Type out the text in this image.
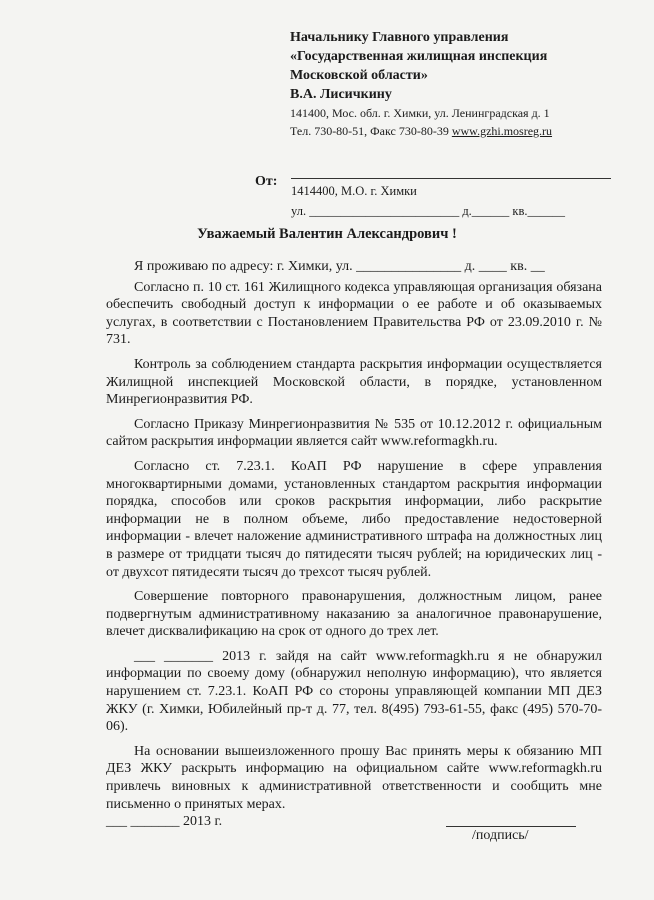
Начальнику Главного управления
«Государственная жилищная инспекция
Московской области»
В.А. Лисичкину
141400, Мос. обл. г. Химки, ул. Ленинградская д. 1
Тел. 730-80-51, Факс 730-80-39 www.gzhi.mosreg.ru
От:
1414400, М.О. г. Химки
ул. ________________________ д.______ кв.______
Уважаемый Валентин Александрович !

Я проживаю по адресу: г. Химки, ул. _______________ д. ____ кв. __

Согласно п. 10 ст. 161 Жилищного кодекса управляющая организация обязана обеспечить свободный доступ к информации о ее работе и об оказываемых услугах, в соответствии с Постановлением Правительства РФ от 23.09.2010 г. № 731.

Контроль за соблюдением стандарта раскрытия информации осуществляется Жилищной инспекцией Московской области, в порядке, установленном Минрегионразвития РФ.

Согласно Приказу Минрегионразвития № 535 от 10.12.2012 г. официальным сайтом раскрытия информации является сайт www.reformagkh.ru.

Согласно ст. 7.23.1. КоАП РФ нарушение в сфере управления многоквартирными домами, установленных стандартом раскрытия информации порядка, способов или сроков раскрытия информации, либо раскрытие информации не в полном объеме, либо предоставление недостоверной информации - влечет наложение административного штрафа на должностных лиц в размере от тридцати тысяч до пятидесяти тысяч рублей; на юридических лиц - от двухсот пятидесяти тысяч до трехсот тысяч рублей.

Совершение повторного правонарушения, должностным лицом, ранее подвергнутым административному наказанию за аналогичное правонарушение, влечет дисквалификацию на срок от одного до трех лет.

___ _______ 2013 г. зайдя на сайт www.reformagkh.ru я не обнаружил информации по своему дому (обнаружил неполную информацию), что является нарушением ст. 7.23.1. КоАП РФ со стороны управляющей компании МП ДЕЗ ЖКУ (г. Химки, Юбилейный пр-т д. 77, тел. 8(495) 793-61-55, факс (495) 570-70-06).

На основании вышеизложенного прошу Вас принять меры к обязанию МП ДЕЗ ЖКУ раскрыть информацию на официальном сайте www.reformagkh.ru привлечь виновных к административной ответственности и сообщить мне письменно о принятых мерах.

___ _______ 2013 г.
/подпись/
